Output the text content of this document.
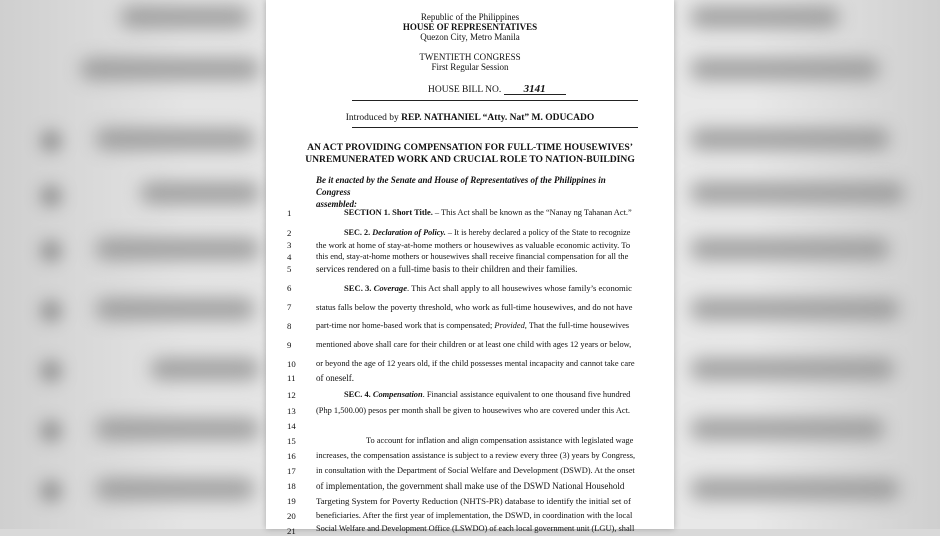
Republic of the Philippines
HOUSE OF REPRESENTATIVES
Quezon City, Metro Manila
TWENTIETH CONGRESS
First Regular Session
HOUSE BILL NO. 3141
Introduced by REP. NATHANIEL “Atty. Nat” M. ODUCADO
AN ACT PROVIDING COMPENSATION FOR FULL-TIME HOUSEWIVES’
UNREMUNERATED WORK AND CRUCIAL ROLE TO NATION-BUILDING
Be it enacted by the Senate and House of Representatives of the Philippines in Congress
assembled:
1
2
3
4
5
6
7
8
9
10
11
12
13
14
15
16
17
18
19
20
21
SECTION 1. Short Title. – This Act shall be known as the “Nanay ng Tahanan Act.”
SEC. 2. Declaration of Policy. – It is hereby declared a policy of the State to recognize
the work at home of stay-at-home mothers or housewives as valuable economic activity. To
this end, stay-at-home mothers or housewives shall receive financial compensation for all the
services rendered on a full-time basis to their children and their families.
SEC. 3. Coverage. This Act shall apply to all housewives whose family’s economic
status falls below the poverty threshold, who work as full-time housewives, and do not have
part-time nor home-based work that is compensated; Provided, That the full-time housewives
mentioned above shall care for their children or at least one child with ages 12 years or below,
or beyond the age of 12 years old, if the child possesses mental incapacity and cannot take care
of oneself.
SEC. 4. Compensation. Financial assistance equivalent to one thousand five hundred
(Php 1,500.00) pesos per month shall be given to housewives who are covered under this Act.
To account for inflation and align compensation assistance with legislated wage
increases, the compensation assistance is subject to a review every three (3) years by Congress,
in consultation with the Department of Social Welfare and Development (DSWD). At the onset
of implementation, the government shall make use of the DSWD National Household
Targeting System for Poverty Reduction (NHTS-PR) database to identify the initial set of
beneficiaries. After the first year of implementation, the DSWD, in coordination with the local
Social Welfare and Development Office (LSWDO) of each local government unit (LGU), shall
